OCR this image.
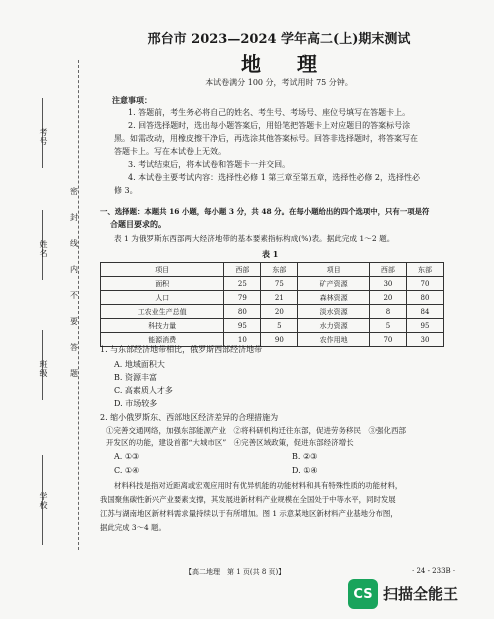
考号
姓名
班级
学校
密
封
线
内
不
要
答
题
邢台市 2023—2024 学年高二(上)期末测试
地理
本试卷满分 100 分，考试用时 75 分钟。
注意事项：
1. 答题前，考生务必将自己的姓名、考生号、考场号、座位号填写在答题卡上。
2. 回答选择题时，选出每小题答案后，用铅笔把答题卡上对应题目的答案标号涂
黑。如需改动，用橡皮擦干净后，再选涂其他答案标号。回答非选择题时，将答案写在
答题卡上。写在本试卷上无效。
3. 考试结束后，将本试卷和答题卡一并交回。
4. 本试卷主要考试内容：选择性必修 1 第三章至第五章，选择性必修 2，选择性必
修 3。
一、选择题：本题共 16 小题，每小题 3 分，共 48 分。在每小题给出的四个选项中，只有一项是符
合题目要求的。
表 1 为俄罗斯东西部两大经济地带的基本要素指标构成(%)表。据此完成 1～2 题。
表 1
项目	西部	东部	项目	西部	东部
面积	25	75	矿产资源	30	70
人口	79	21	森林资源	20	80
工农业生产总值	80	20	淡水资源	8	84
科技力量	95	5	水力资源	5	95
能源消费	10	90	农作用地	70	30
1. 与东部经济地带相比，俄罗斯西部经济地带
A. 地域面积大
B. 资源丰富
C. 高素质人才多
D. 市场较多
2. 缩小俄罗斯东、西部地区经济差异的合理措施为
①完善交通网络，加强东部能源产业　②将科研机构迁往东部，促进劳务移民　③强化西部
开发区的功能，建设首都“大城市区”　④完善区域政策，促进东部经济增长
A. ①③	B. ②③
C. ①④	D. ①④
材料科技是指对近距离或宏观应用时有优异机能的功能材料和具有特殊性质的功能材料，
我国聚焦碳性新兴产业要素支撑，其发展进新材料产业规模在全国处于中等水平，同时发展
江苏与湖南地区新材料需求量持续以于有所增加。图 1 示意某地区新材料产业基地分布图，
据此完成 3～4 题。
【高二地理　第 1 页(共 8 页)】	· 24 - 233B ·
CS 扫描全能王
